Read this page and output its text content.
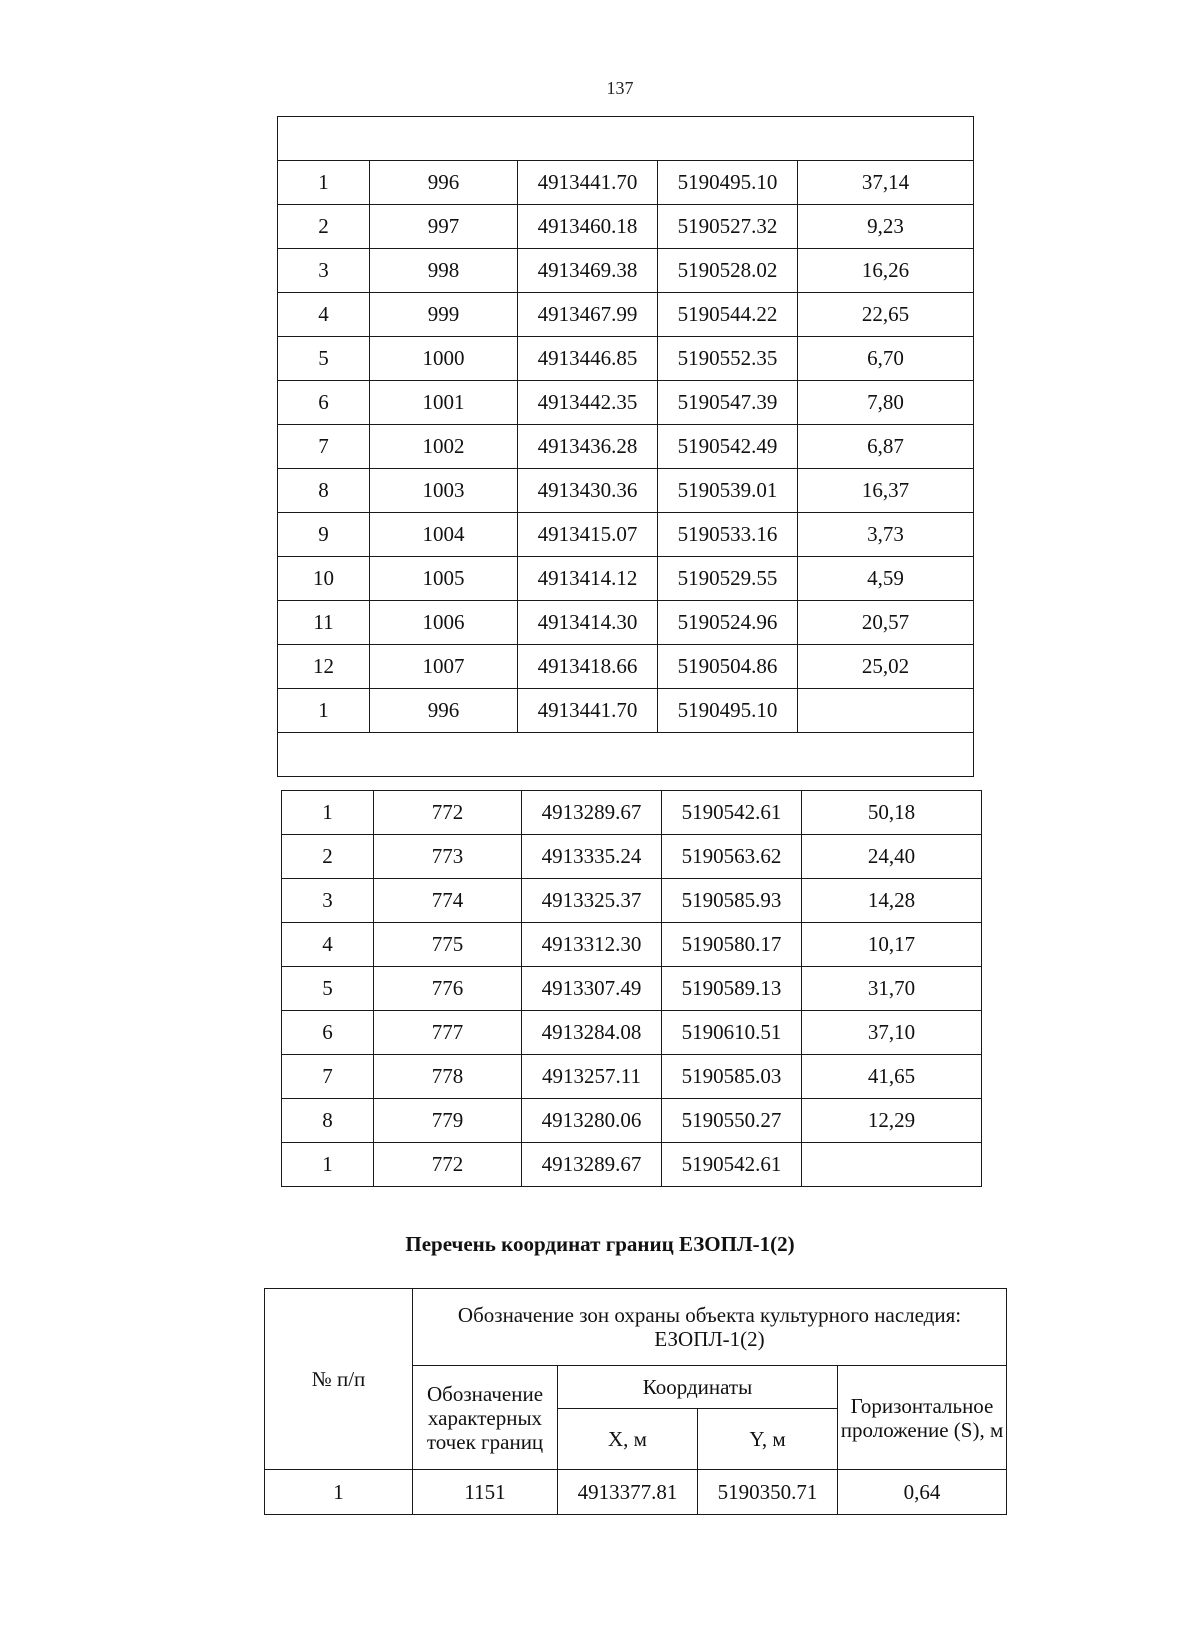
137

1	996	4913441.70	5190495.10	37,14
2	997	4913460.18	5190527.32	9,23
3	998	4913469.38	5190528.02	16,26
4	999	4913467.99	5190544.22	22,65
5	1000	4913446.85	5190552.35	6,70
6	1001	4913442.35	5190547.39	7,80
7	1002	4913436.28	5190542.49	6,87
8	1003	4913430.36	5190539.01	16,37
9	1004	4913415.07	5190533.16	3,73
10	1005	4913414.12	5190529.55	4,59
11	1006	4913414.30	5190524.96	20,57
12	1007	4913418.66	5190504.86	25,02
1	996	4913441.70	5190495.10	

1	772	4913289.67	5190542.61	50,18
2	773	4913335.24	5190563.62	24,40
3	774	4913325.37	5190585.93	14,28
4	775	4913312.30	5190580.17	10,17
5	776	4913307.49	5190589.13	31,70
6	777	4913284.08	5190610.51	37,10
7	778	4913257.11	5190585.03	41,65
8	779	4913280.06	5190550.27	12,29
1	772	4913289.67	5190542.61	
Перечень координат границ ЕЗОПЛ-1(2)
№ п/п	Обозначение зон охраны объекта культурного наследия: ЕЗОПЛ-1(2)			
	Обозначение характерных точек границ	Координаты		Горизонтальное проложение (S), м
		X, м	Y, м	
1	1151	4913377.81	5190350.71	0,64
